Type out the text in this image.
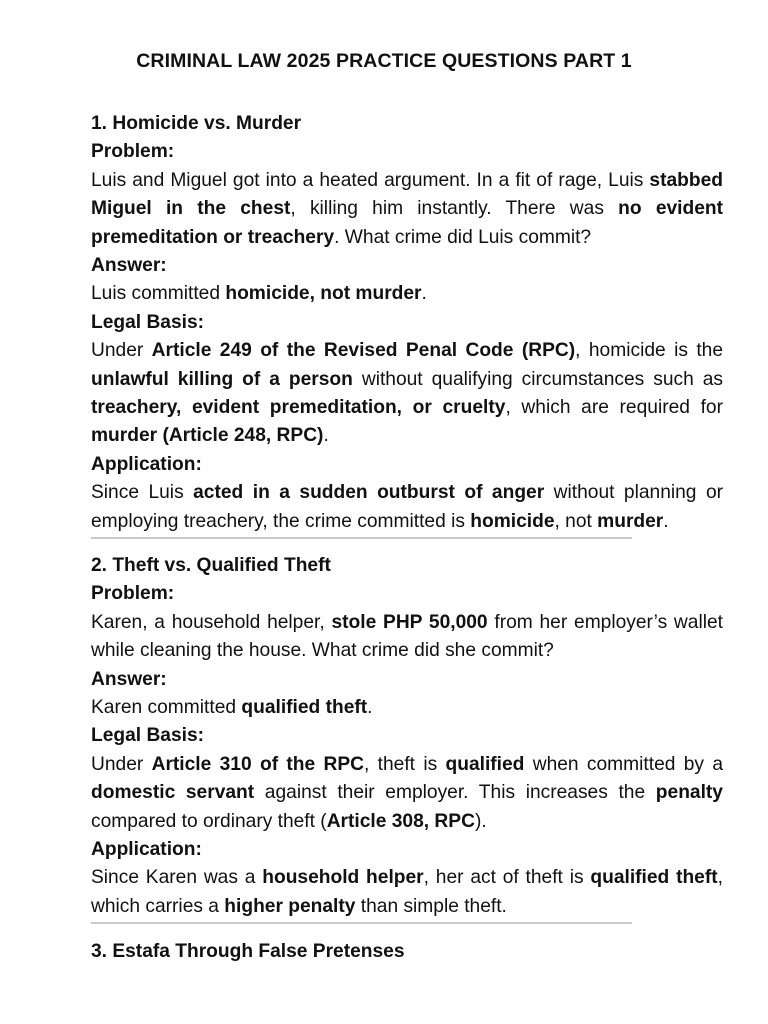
CRIMINAL LAW 2025 PRACTICE QUESTIONS PART 1
1. Homicide vs. Murder
Problem:
Luis and Miguel got into a heated argument. In a fit of rage, Luis stabbed Miguel in the chest, killing him instantly. There was no evident premeditation or treachery. What crime did Luis commit?
Answer:
Luis committed homicide, not murder.
Legal Basis:
Under Article 249 of the Revised Penal Code (RPC), homicide is the unlawful killing of a person without qualifying circumstances such as treachery, evident premeditation, or cruelty, which are required for murder (Article 248, RPC).
Application:
Since Luis acted in a sudden outburst of anger without planning or employing treachery, the crime committed is homicide, not murder.
2. Theft vs. Qualified Theft
Problem:
Karen, a household helper, stole PHP 50,000 from her employer’s wallet while cleaning the house. What crime did she commit?
Answer:
Karen committed qualified theft.
Legal Basis:
Under Article 310 of the RPC, theft is qualified when committed by a domestic servant against their employer. This increases the penalty compared to ordinary theft (Article 308, RPC).
Application:
Since Karen was a household helper, her act of theft is qualified theft, which carries a higher penalty than simple theft.
3. Estafa Through False Pretenses
